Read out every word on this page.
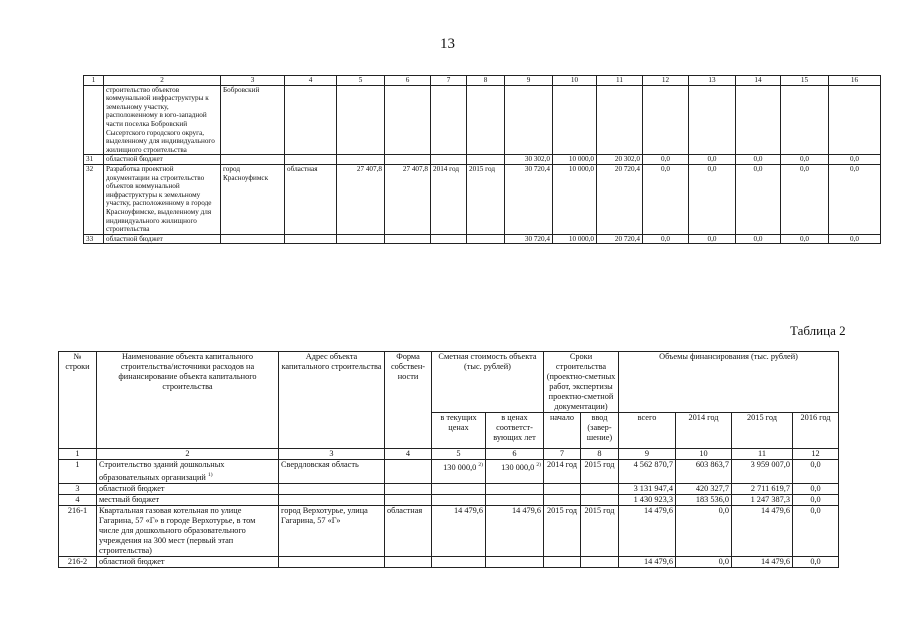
13
1	2	3	4	5	6	7	8	9	10	11	12	13	14	15	16
	строительство объектов коммунальной инфраструктуры к земельному участку, расположенному в юго-западной части поселка Бобровский Сысертского городского округа, выделенному для индивидуального жилищного строительства	Бобровский													
31	областной бюджет							30 302,0	10 000,0	20 302,0	0,0	0,0	0,0	0,0	0,0
32	Разработка проектной документации на строительство объектов коммунальной инфраструктуры к земельному участку, расположенному в городе Красноуфимске, выделенному для индивидуального жилищного строительства	город Красноуфимск	областная	27 407,8	27 407,8	2014 год	2015 год	30 720,4	10 000,0	20 720,4	0,0	0,0	0,0	0,0	0,0
33	областной бюджет							30 720,4	10 000,0	20 720,4	0,0	0,0	0,0	0,0	0,0
Таблица 2
№ строки	Наименование объекта капитального строительства/источники расходов на финансирование объекта капитального строительства	Адрес объекта капитального строительства	Форма собствен-ности	Сметная стоимость объекта (тыс. рублей)		Сроки строительства (проектно-сметных работ, экспертизы проектно-сметной документации)		Объемы финансирования (тыс. рублей)			
				в текущих ценах	в ценах соответст-вующих лет	начало	ввод (завер-шение)	всего	2014 год	2015 год	2016 год
1	2	3	4	5	6	7	8	9	10	11	12
1	Строительство зданий дошкольных образовательных организаций $^{1)}$	Свердловская область		130 000,0 $^{2)}$	130 000,0 $^{2)}$	2014 год	2015 год	4 562 870,7	603 863,7	3 959 007,0	0,0
3	областной бюджет							3 131 947,4	420 327,7	2 711 619,7	0,0
4	местный бюджет							1 430 923,3	183 536,0	1 247 387,3	0,0
216-1	Квартальная газовая котельная по улице Гагарина, 57 «Г» в городе Верхотурье, в том числе для дошкольного образовательного учреждения на 300 мест (первый этап строительства)	город Верхотурье, улица Гагарина, 57 «Г»	областная	14 479,6	14 479,6	2015 год	2015 год	14 479,6	0,0	14 479,6	0,0
216-2	областной бюджет							14 479,6	0,0	14 479,6	0,0
